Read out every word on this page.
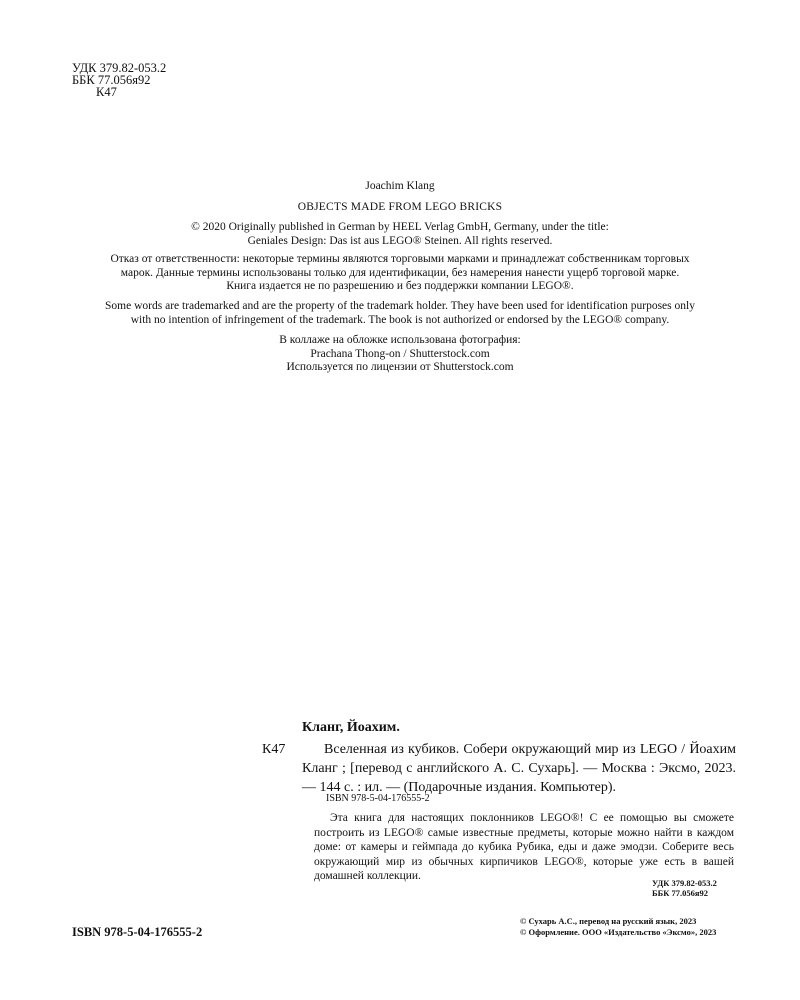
УДК 379.82-053.2
ББК 77.056я92
К47

Joachim Klang

OBJECTS MADE FROM LEGO BRICKS

© 2020 Originally published in German by HEEL Verlag GmbH, Germany, under the title:

Geniales Design: Das ist aus LEGO® Steinen. All rights reserved.

Отказ от ответственности: некоторые термины являются торговыми марками и принадлежат собственникам торговых

марок. Данные термины использованы только для идентификации, без намерения нанести ущерб торговой марке.

Книга издается не по разрешению и без поддержки компании LEGO®.

Some words are trademarked and are the property of the trademark holder. They have been used for identification purposes only

with no intention of infringement of the trademark. The book is not authorized or endorsed by the LEGO® company.

В коллаже на обложке использована фотография:

Prachana Thong-on / Shutterstock.com

Используется по лицензии от Shutterstock.com

Кланг, Йоахим.
К47	Вселенная из кубиков. Собери окружающий мир из LEGO / Йоахим Кланг ; [перевод с английского А. С. Сухарь]. — Москва : Эксмо, 2023. — 144 с. : ил. — (Подарочные издания. Компьютер).
ISBN 978-5-04-176555-2
Эта книга для настоящих поклонников LEGO®! С ее помощью вы сможете построить из LEGO® самые известные предметы, которые можно найти в каждом доме: от камеры и геймпада до кубика Рубика, еды и даже эмодзи. Соберите весь окружающий мир из обычных кирпичиков LEGO®, которые уже есть в вашей домашней коллекции.
УДК 379.82-053.2
ББК 77.056я92
ISBN 978-5-04-176555-2
© Сухарь А.С., перевод на русский язык, 2023
© Оформление. ООО «Издательство «Эксмо», 2023
